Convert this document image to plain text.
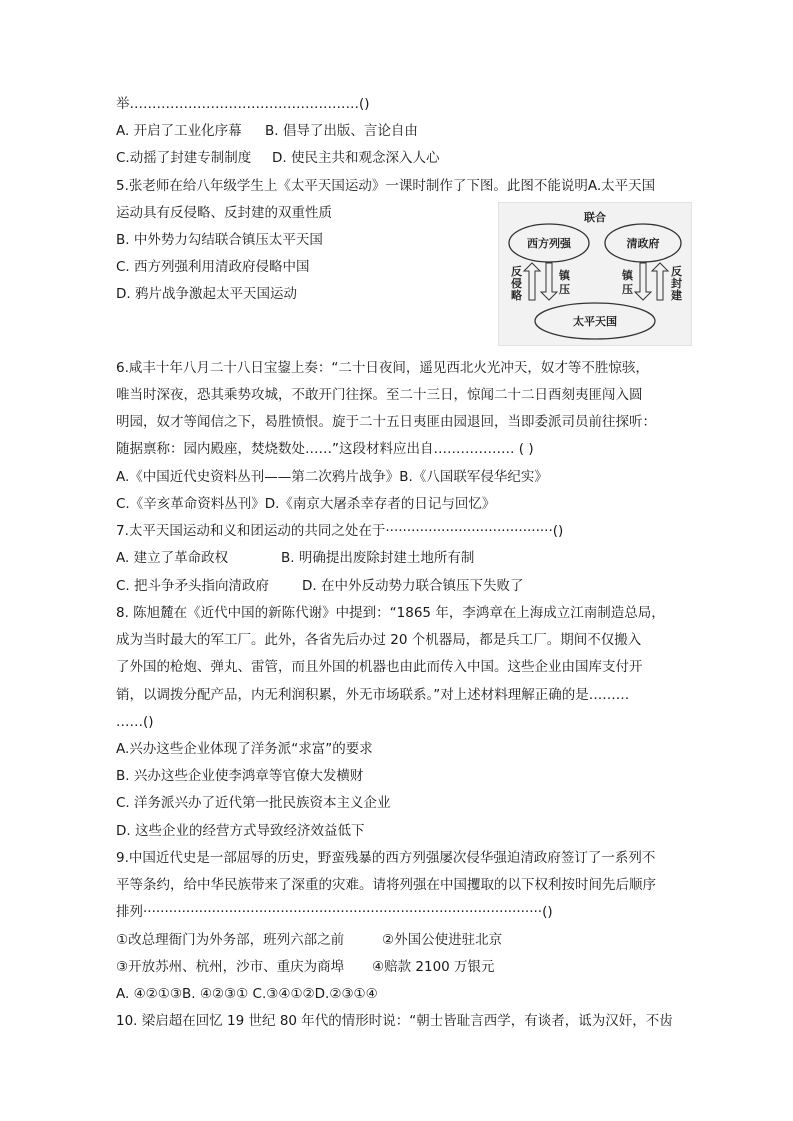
举……………………………………………()
A. 开启了工业化序幕 B. 倡导了出版、言论自由
C.动摇了封建专制制度 D. 使民主共和观念深入人心
5.张老师在给八年级学生上《太平天国运动》一课时制作了下图。此图不能说明A.太平天国
运动具有反侵略、反封建的双重性质
B. 中外势力勾结联合镇压太平天国
C. 西方列强利用清政府侵略中国
D. 鸦片战争激起太平天国运动
联合
西方列强	清政府
太平天国
反
侵
略
镇
压
镇
压
反
封
建
6.咸丰十年八月二十八日宝鋆上奏：“二十日夜间，遥见西北火光冲天，奴才等不胜惊骇，
唯当时深夜，恐其乘势攻城，不敢开门往探。至二十三日，惊闻二十二日酉刻夷匪闯入圆
明园，奴才等闻信之下，曷胜愤恨。旋于二十五日夷匪由园退回，当即委派司员前往探听：
随据禀称：园内殿座，焚烧数处……”这段材料应出自……………… ( )
A.《中国近代史资料丛刊——第二次鸦片战争》B.《八国联军侵华纪实》
C.《辛亥革命资料丛刊》D.《南京大屠杀幸存者的日记与回忆》
7.太平天国运动和义和团运动的共同之处在于·······································()
A. 建立了革命政权	B. 明确提出废除封建土地所有制
C. 把斗争矛头指向清政府 D. 在中外反动势力联合镇压下失败了
8. 陈旭麓在《近代中国的新陈代谢》中提到：“1865 年，李鸿章在上海成立江南制造总局，
成为当时最大的军工厂。此外，各省先后办过 20 个机器局，都是兵工厂。期间不仅搬入
了外国的枪炮、弹丸、雷管，而且外国的机器也由此而传入中国。这些企业由国库支付开
销，以调拨分配产品，内无利润积累，外无市场联系。”对上述材料理解正确的是………
……()
A.兴办这些企业体现了洋务派“求富”的要求
B. 兴办这些企业使李鸿章等官僚大发横财
C. 洋务派兴办了近代第一批民族资本主义企业
D. 这些企业的经营方式导致经济效益低下
9.中国近代史是一部屈辱的历史，野蛮残暴的西方列强屡次侵华强迫清政府签订了一系列不
平等条约，给中华民族带来了深重的灾难。请将列强在中国攫取的以下权利按时间先后顺序
排列·····························································································()
①改总理衙门为外务部，班列六部之前	②外国公使进驻北京
③开放苏州、杭州，沙市、重庆为商埠 ④赔款 2100 万银元
A. ④②①③B. ④②③① C.③④①②D.②③①④
10. 梁启超在回忆 19 世纪 80 年代的情形时说：“朝士皆耻言西学，有谈者，诋为汉奸，不齿
